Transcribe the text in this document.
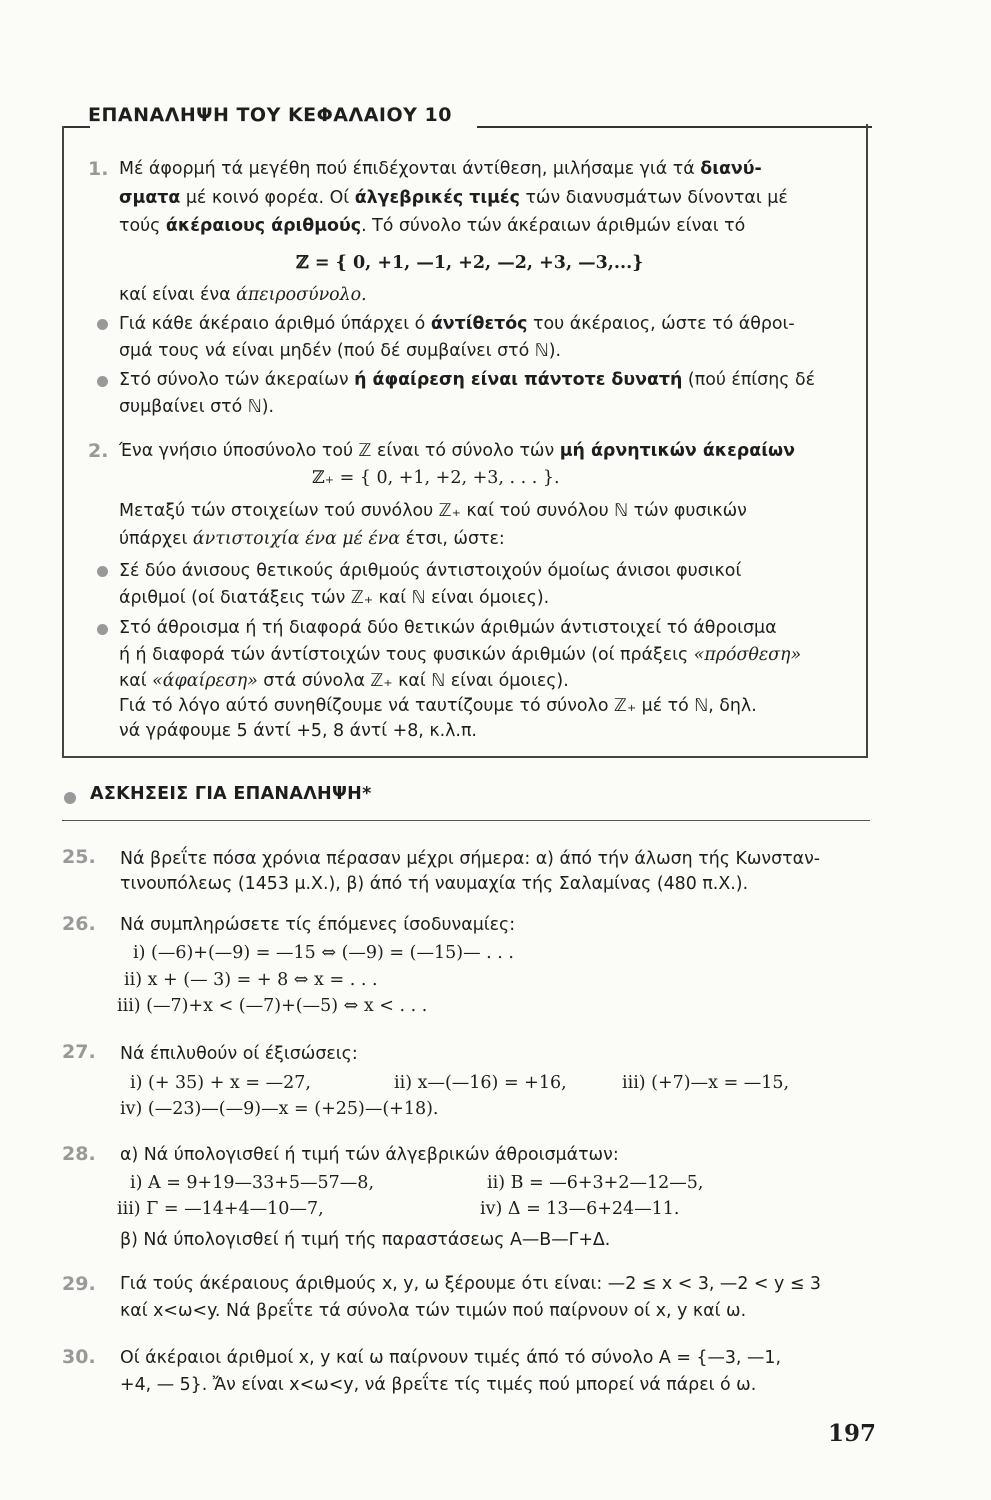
ΕΠΑΝΑΛΗΨΗ ΤΟΥ ΚΕΦΑΛΑΙΟΥ 10
1. Μέ άφορμή τά μεγέθη πού έπιδέχονται άντίθεση, μιλήσαμε γιά τά διανύ-
σματα μέ κοινό φορέα. Οί άλγεβρικές τιμές τών διανυσμάτων δίνονται μέ
τούς άκέραιους άριθμούς. Τό σύνολο τών άκέραιων άριθμών είναι τό
ℤ = { 0, +1, —1, +2, —2, +3, —3,...}
καί είναι ένα άπειροσύνολο.
Γιά κάθε άκέραιο άριθμό ύπάρχει ό άντίθετός του άκέραιος, ώστε τό άθροι-
σμά τους νά είναι μηδέν (πού δέ συμβαίνει στό ℕ).
Στό σύνολο τών άκεραίων ή άφαίρεση είναι πάντοτε δυνατή (πού έπίσης δέ
συμβαίνει στό ℕ).
2. Ένα γνήσιο ύποσύνολο τού ℤ είναι τό σύνολο τών μή άρνητικών άκεραίων
ℤ₊ = { 0, +1, +2, +3, . . . }.
Μεταξύ τών στοιχείων τού συνόλου ℤ₊ καί τού συνόλου ℕ τών φυσικών
ύπάρχει άντιστοιχία ένα μέ ένα έτσι, ώστε:
Σέ δύο άνισους θετικούς άριθμούς άντιστοιχούν όμοίως άνισοι φυσικοί
άριθμοί (οί διατάξεις τών ℤ₊ καί ℕ είναι όμοιες).
Στό άθροισμα ή τή διαφορά δύο θετικών άριθμών άντιστοιχεί τό άθροισμα
ή ή διαφορά τών άντίστοιχών τους φυσικών άριθμών (οί πράξεις «πρόσθεση»
καί «άφαίρεση» στά σύνολα ℤ₊ καί ℕ είναι όμοιες).
Γιά τό λόγο αύτό συνηθίζουμε νά ταυτίζουμε τό σύνολο ℤ₊ μέ τό ℕ, δηλ.
νά γράφουμε 5 άντί +5, 8 άντί +8, κ.λ.π.
ΑΣΚΗΣΕΙΣ ΓΙΑ ΕΠΑΝΑΛΗΨΗ*
25. Νά βρεΐτε πόσα χρόνια πέρασαν μέχρι σήμερα: α) άπό τήν άλωση τής Κωνσταν-
τινουπόλεως (1453 μ.Χ.), β) άπό τή ναυμαχία τής Σαλαμίνας (480 π.Χ.).
26. Νά συμπληρώσετε τίς έπόμενες ίσοδυναμίες:
i) (—6)+(—9) = —15 ⇔ (—9) = (—15)— . . .
ii) x + (— 3) = + 8 ⇔ x = . . .
iii) (—7)+x < (—7)+(—5) ⇔ x < . . .
27. Νά έπιλυθούν οί έξισώσεις:
i) (+ 35) + x = —27,	ii) x—(—16) = +16,	iii) (+7)—x = —15,
iv) (—23)—(—9)—x = (+25)—(+18).
28. α) Νά ύπολογισθεί ή τιμή τών άλγεβρικών άθροισμάτων:
i) A = 9+19—33+5—57—8,	ii) B = —6+3+2—12—5,
iii) Γ = —14+4—10—7,	iv) Δ = 13—6+24—11.
β) Νά ύπολογισθεί ή τιμή τής παραστάσεως Α—Β—Γ+Δ.
29. Γιά τούς άκέραιους άριθμούς x, y, ω ξέρουμε ότι είναι: —2 ≤ x < 3, —2 < y ≤ 3
καί x<ω<y. Νά βρεΐτε τά σύνολα τών τιμών πού παίρνουν οί x, y καί ω.
30. Οί άκέραιοι άριθμοί x, y καί ω παίρνουν τιμές άπό τό σύνολο Α = {—3, —1,
+4, — 5}. Ἄν είναι x<ω<y, νά βρεΐτε τίς τιμές πού μπορεί νά πάρει ό ω.
197
